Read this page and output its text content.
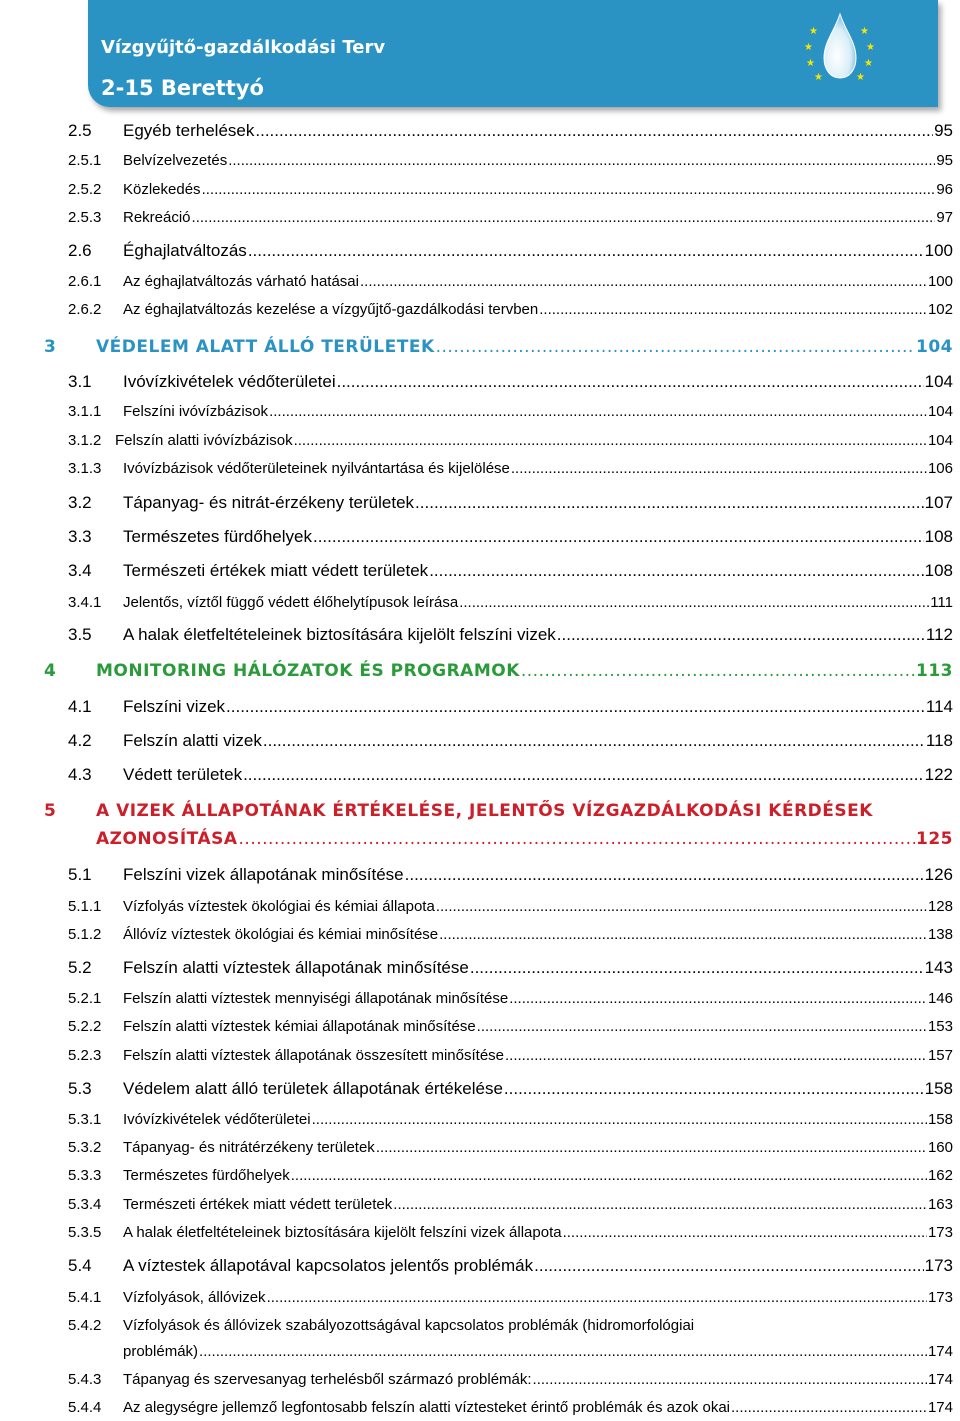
Vízgyűjtő-gazdálkodási Terv
2-15 Berettyó
★
★
★
★
★
★
★
★
2.5 Egyéb terhelések .....	95
2.5.1 Belvízelvezetés .....	95
2.5.2 Közlekedés .....	96
2.5.3 Rekreáció .....	97
2.6 Éghajlatváltozás .....	100
2.6.1 Az éghajlatváltozás várható hatásai .....	100
2.6.2 Az éghajlatváltozás kezelése a vízgyűjtő-gazdálkodási tervben .....	102
3 VÉDELEM ALATT ÁLLÓ TERÜLETEK .....	104
3.1 Ivóvízkivételek védőterületei .....	104
3.1.1 Felszíni ivóvízbázisok .....	104
3.1.2 Felszín alatti ivóvízbázisok .....	104
3.1.3 Ivóvízbázisok védőterületeinek nyilvántartása és kijelölése .....	106
3.2 Tápanyag- és nitrát-érzékeny területek .....	107
3.3 Természetes fürdőhelyek .....	108
3.4 Természeti értékek miatt védett területek .....	108
3.4.1 Jelentős, víztől függő védett élőhelytípusok leírása .....	111
3.5 A halak életfeltételeinek biztosítására kijelölt felszíni vizek .....	112
4 MONITORING HÁLÓZATOK ÉS PROGRAMOK .....	113
4.1 Felszíni vizek .....	114
4.2 Felszín alatti vizek .....	118
4.3 Védett területek .....	122
5 A VIZEK ÁLLAPOTÁNAK ÉRTÉKELÉSE, JELENTŐS VÍZGAZDÁLKODÁSI KÉRDÉSEK
AZONOSÍTÁSA .....	125
5.1 Felszíni vizek állapotának minősítése .....	126
5.1.1 Vízfolyás víztestek ökológiai és kémiai állapota .....	128
5.1.2 Állóvíz víztestek ökológiai és kémiai minősítése .....	138
5.2 Felszín alatti víztestek állapotának minősítése .....	143
5.2.1 Felszín alatti víztestek mennyiségi állapotának minősítése .....	146
5.2.2 Felszín alatti víztestek kémiai állapotának minősítése .....	153
5.2.3 Felszín alatti víztestek állapotának összesített minősítése .....	157
5.3 Védelem alatt álló területek állapotának értékelése .....	158
5.3.1 Ivóvízkivételek védőterületei .....	158
5.3.2 Tápanyag- és nitrátérzékeny területek .....	160
5.3.3 Természetes fürdőhelyek .....	162
5.3.4 Természeti értékek miatt védett területek .....	163
5.3.5 A halak életfeltételeinek biztosítására kijelölt felszíni vizek állapota .....	173
5.4 A víztestek állapotával kapcsolatos jelentős problémák .....	173
5.4.1 Vízfolyások, állóvizek .....	173
5.4.2 Vízfolyások és állóvizek szabályozottságával kapcsolatos problémák (hidromorfológiai
problémák) .....	174
5.4.3 Tápanyag és szervesanyag terhelésből származó problémák: .....	174
5.4.4 Az alegységre jellemző legfontosabb felszín alatti víztesteket érintő problémák és azok okai .....	174
